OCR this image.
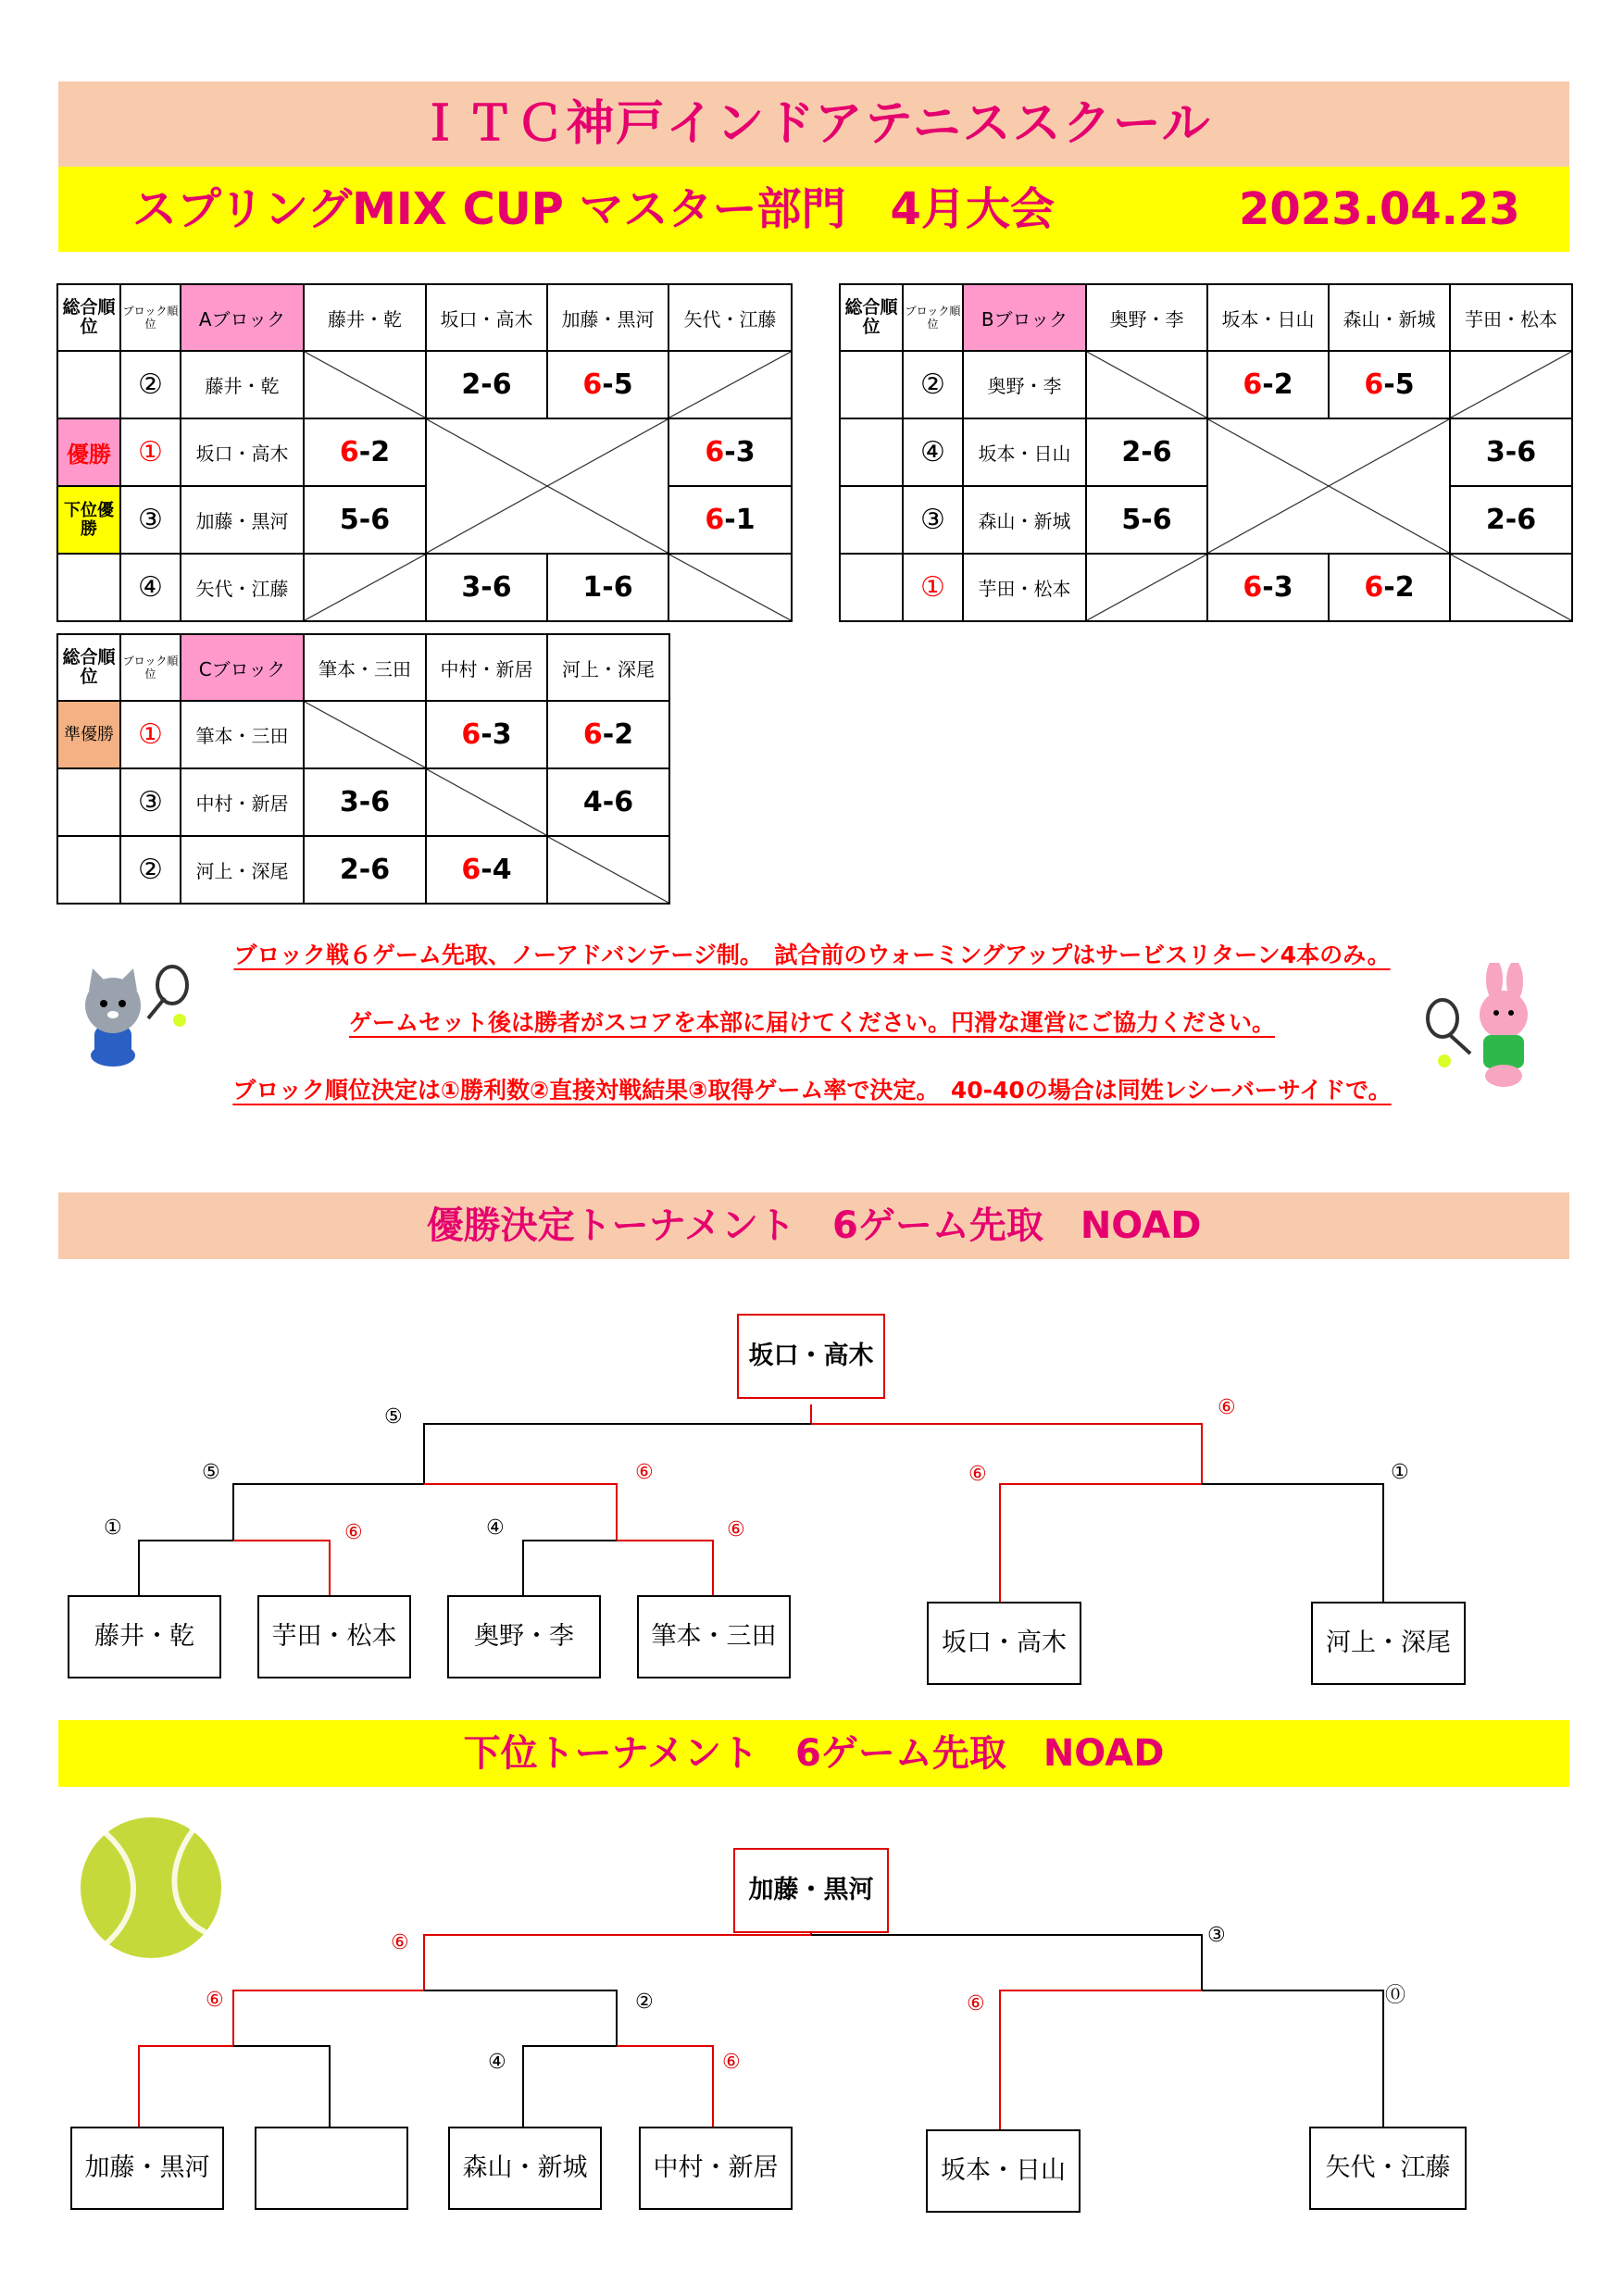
ＩＴＣ神戸インドアテニススクール
スプリングMIX CUP マスター部門　4月大会	2023.04.23
総合順位	ブロック順位	Aブロック	藤井・乾	坂口・高木	加藤・黒河	矢代・江藤
	②	藤井・乾		2-6	6-5	
優勝	①	坂口・高木	6-2			6-3
下位優勝	③	加藤・黒河	5-6			6-1
	④	矢代・江藤		3-6	1-6	
総合順位	ブロック順位	Bブロック	奥野・李	坂本・日山	森山・新城	芋田・松本
	②	奥野・李		6-2	6-5	
	④	坂本・日山	2-6			3-6
	③	森山・新城	5-6			2-6
	①	芋田・松本		6-3	6-2	
総合順位	ブロック順位	Cブロック	筆本・三田	中村・新居	河上・深尾
準優勝	①	筆本・三田		6-3	6-2
	③	中村・新居	3-6		4-6
	②	河上・深尾	2-6	6-4	
ブロック戦６ゲーム先取、ノーアドバンテージ制。　試合前のウォーミングアップはサービスリターン4本のみ。
ゲームセット後は勝者がスコアを本部に届けてください。円滑な運営にご協力ください。
ブロック順位決定は①勝利数②直接対戦結果③取得ゲーム率で決定。　40-40の場合は同姓レシーバーサイドで。
優勝決定トーナメント　6ゲーム先取　NOAD
坂口・高木
藤井・乾	芋田・松本	奥野・李	筆本・三田	坂口・高木	河上・深尾
⑤	⑥
⑤	⑥	⑥	①
①	⑥	④	⑥
下位トーナメント　6ゲーム先取　NOAD
加藤・黒河
加藤・黒河	森山・新城	中村・新居	坂本・日山	矢代・江藤
⑥	③
⑥	②	⑥	⓪
④	⑥
